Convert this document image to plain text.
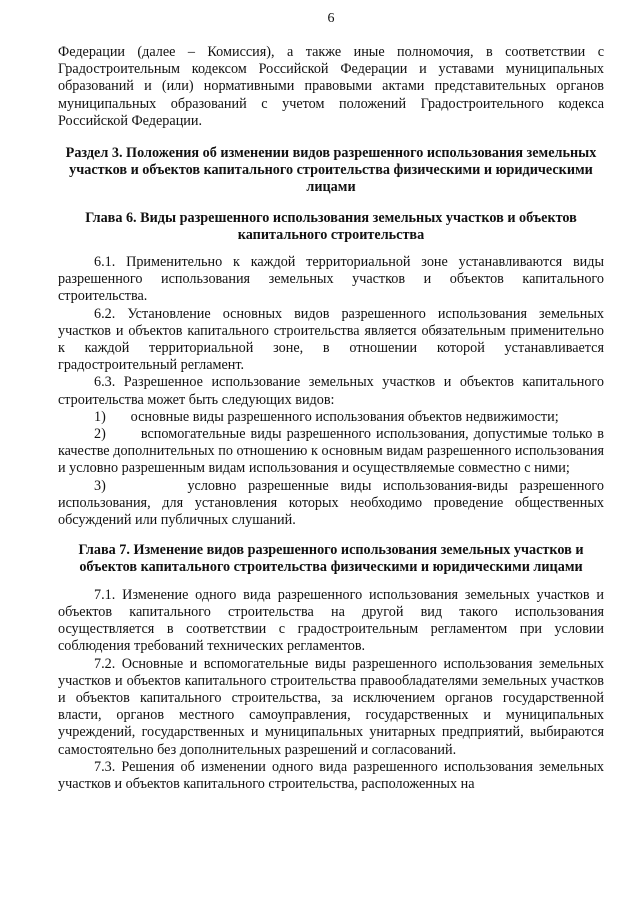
6

Федерации (далее – Комиссия), а также иные полномочия, в соответствии с Градостроительным кодексом Российской Федерации и уставами муниципальных образований и (или) нормативными правовыми актами представительных органов муниципальных образований с учетом положений Градостроительного кодекса Российской Федерации.

Раздел 3. Положения об изменении видов разрешенного использования земельных участков и объектов капитального строительства физическими и юридическими лицами
Глава 6. Виды разрешенного использования земельных участков и объектов капитального строительства

6.1. Применительно к каждой территориальной зоне устанавливаются виды разрешенного использования земельных участков и объектов капитального строительства.

6.2. Установление основных видов разрешенного использования земельных участков и объектов капитального строительства является обязательным применительно к каждой территориальной зоне, в отношении которой устанавливается градостроительный регламент.

6.3. Разрешенное использование земельных участков и объектов капитального строительства может быть следующих видов:

1) основные виды разрешенного использования объектов недвижимости;

2) вспомогательные виды разрешенного использования, допустимые только в качестве дополнительных по отношению к основным видам разрешенного использования и условно разрешенным видам использования и осуществляемые совместно с ними;

3)	условно разрешенные виды использования-виды разрешенного использования, для установления которых необходимо проведение общественных обсуждений или публичных слушаний.

Глава 7. Изменение видов разрешенного использования земельных участков и объектов капитального строительства физическими и юридическими лицами

7.1. Изменение одного вида разрешенного использования земельных участков и объектов капитального строительства на другой вид такого использования осуществляется в соответствии с градостроительным регламентом при условии соблюдения требований технических регламентов.

7.2. Основные и вспомогательные виды разрешенного использования земельных участков и объектов капитального строительства правообладателями земельных участков и объектов капитального строительства, за исключением органов государственной власти, органов местного самоуправления, государственных и муниципальных учреждений, государственных и муниципальных унитарных предприятий, выбираются самостоятельно без дополнительных разрешений и согласований.

7.3. Решения об изменении одного вида разрешенного использования земельных участков и объектов капитального строительства, расположенных на
